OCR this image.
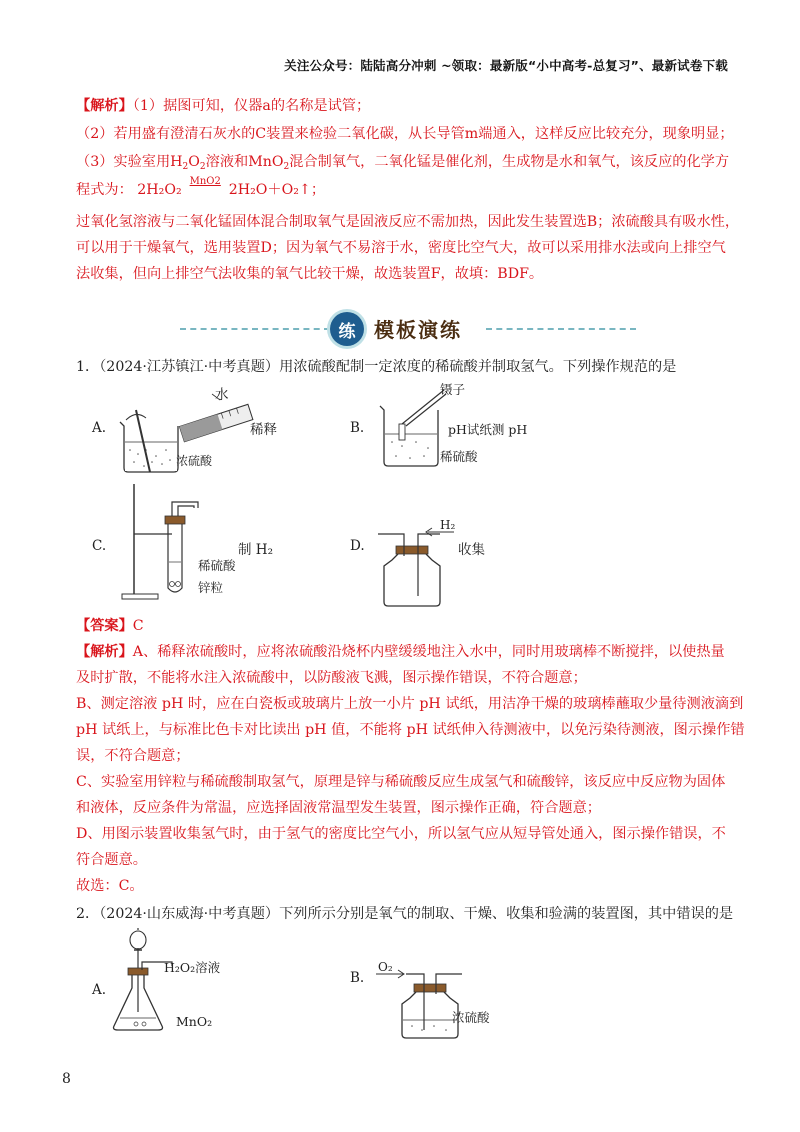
关注公众号：陆陆高分冲刺 ~领取：最新版“小中高考-总复习”、最新试卷下载
【解析】（1）据图可知，仪器a的名称是试管；
（2）若用盛有澄清石灰水的C装置来检验二氧化碳，从长导管m端通入，这样反应比较充分，现象明显；
（3）实验室用$H_2O_2$溶液和MnO$_2$混合制氧气，二氧化锰是催化剂，生成物是水和氧气，该反应的化学方
程式为： 2H₂O₂
MnO2
2H₂O＋O₂↑；
过氧化氢溶液与二氧化锰固体混合制取氧气是固液反应不需加热，因此发生装置选B；浓硫酸具有吸水性，
可以用于干燥氧气，选用装置D；因为氧气不易溶于水，密度比空气大，故可以采用排水法或向上排空气
法收集，但向上排空气法收集的氧气比较干燥，故选装置F，故填：BDF。
练 模板演练
1．（2024·江苏镇江·中考真题）用浓硫酸配制一定浓度的稀硫酸并制取氢气。下列操作规范的是
A.
水
稀释
浓硫酸
B.
镊子
pH试纸测 pH
稀硫酸
C.	制 H₂
稀硫酸
锌粒
D.
H₂
收集
【答案】C
【解析】A、稀释浓硫酸时，应将浓硫酸沿烧杯内壁缓缓地注入水中，同时用玻璃棒不断搅拌，以使热量
及时扩散，不能将水注入浓硫酸中，以防酸液飞溅，图示操作错误，不符合题意；
B、测定溶液 pH 时，应在白瓷板或玻璃片上放一小片 pH 试纸，用洁净干燥的玻璃棒蘸取少量待测液滴到
pH 试纸上，与标准比色卡对比读出 pH 值，不能将 pH 试纸伸入待测液中，以免污染待测液，图示操作错
误，不符合题意；
C、实验室用锌粒与稀硫酸制取氢气，原理是锌与稀硫酸反应生成氢气和硫酸锌，该反应中反应物为固体
和液体，反应条件为常温，应选择固液常温型发生装置，图示操作正确，符合题意；
D、用图示装置收集氢气时，由于氢气的密度比空气小，所以氢气应从短导管处通入，图示操作错误，不
符合题意。
故选：C。
2．（2024·山东威海·中考真题）下列所示分别是氧气的制取、干燥、收集和验满的装置图，其中错误的是
A.
H₂O₂溶液
MnO₂
B.
O₂
浓硫酸
8
